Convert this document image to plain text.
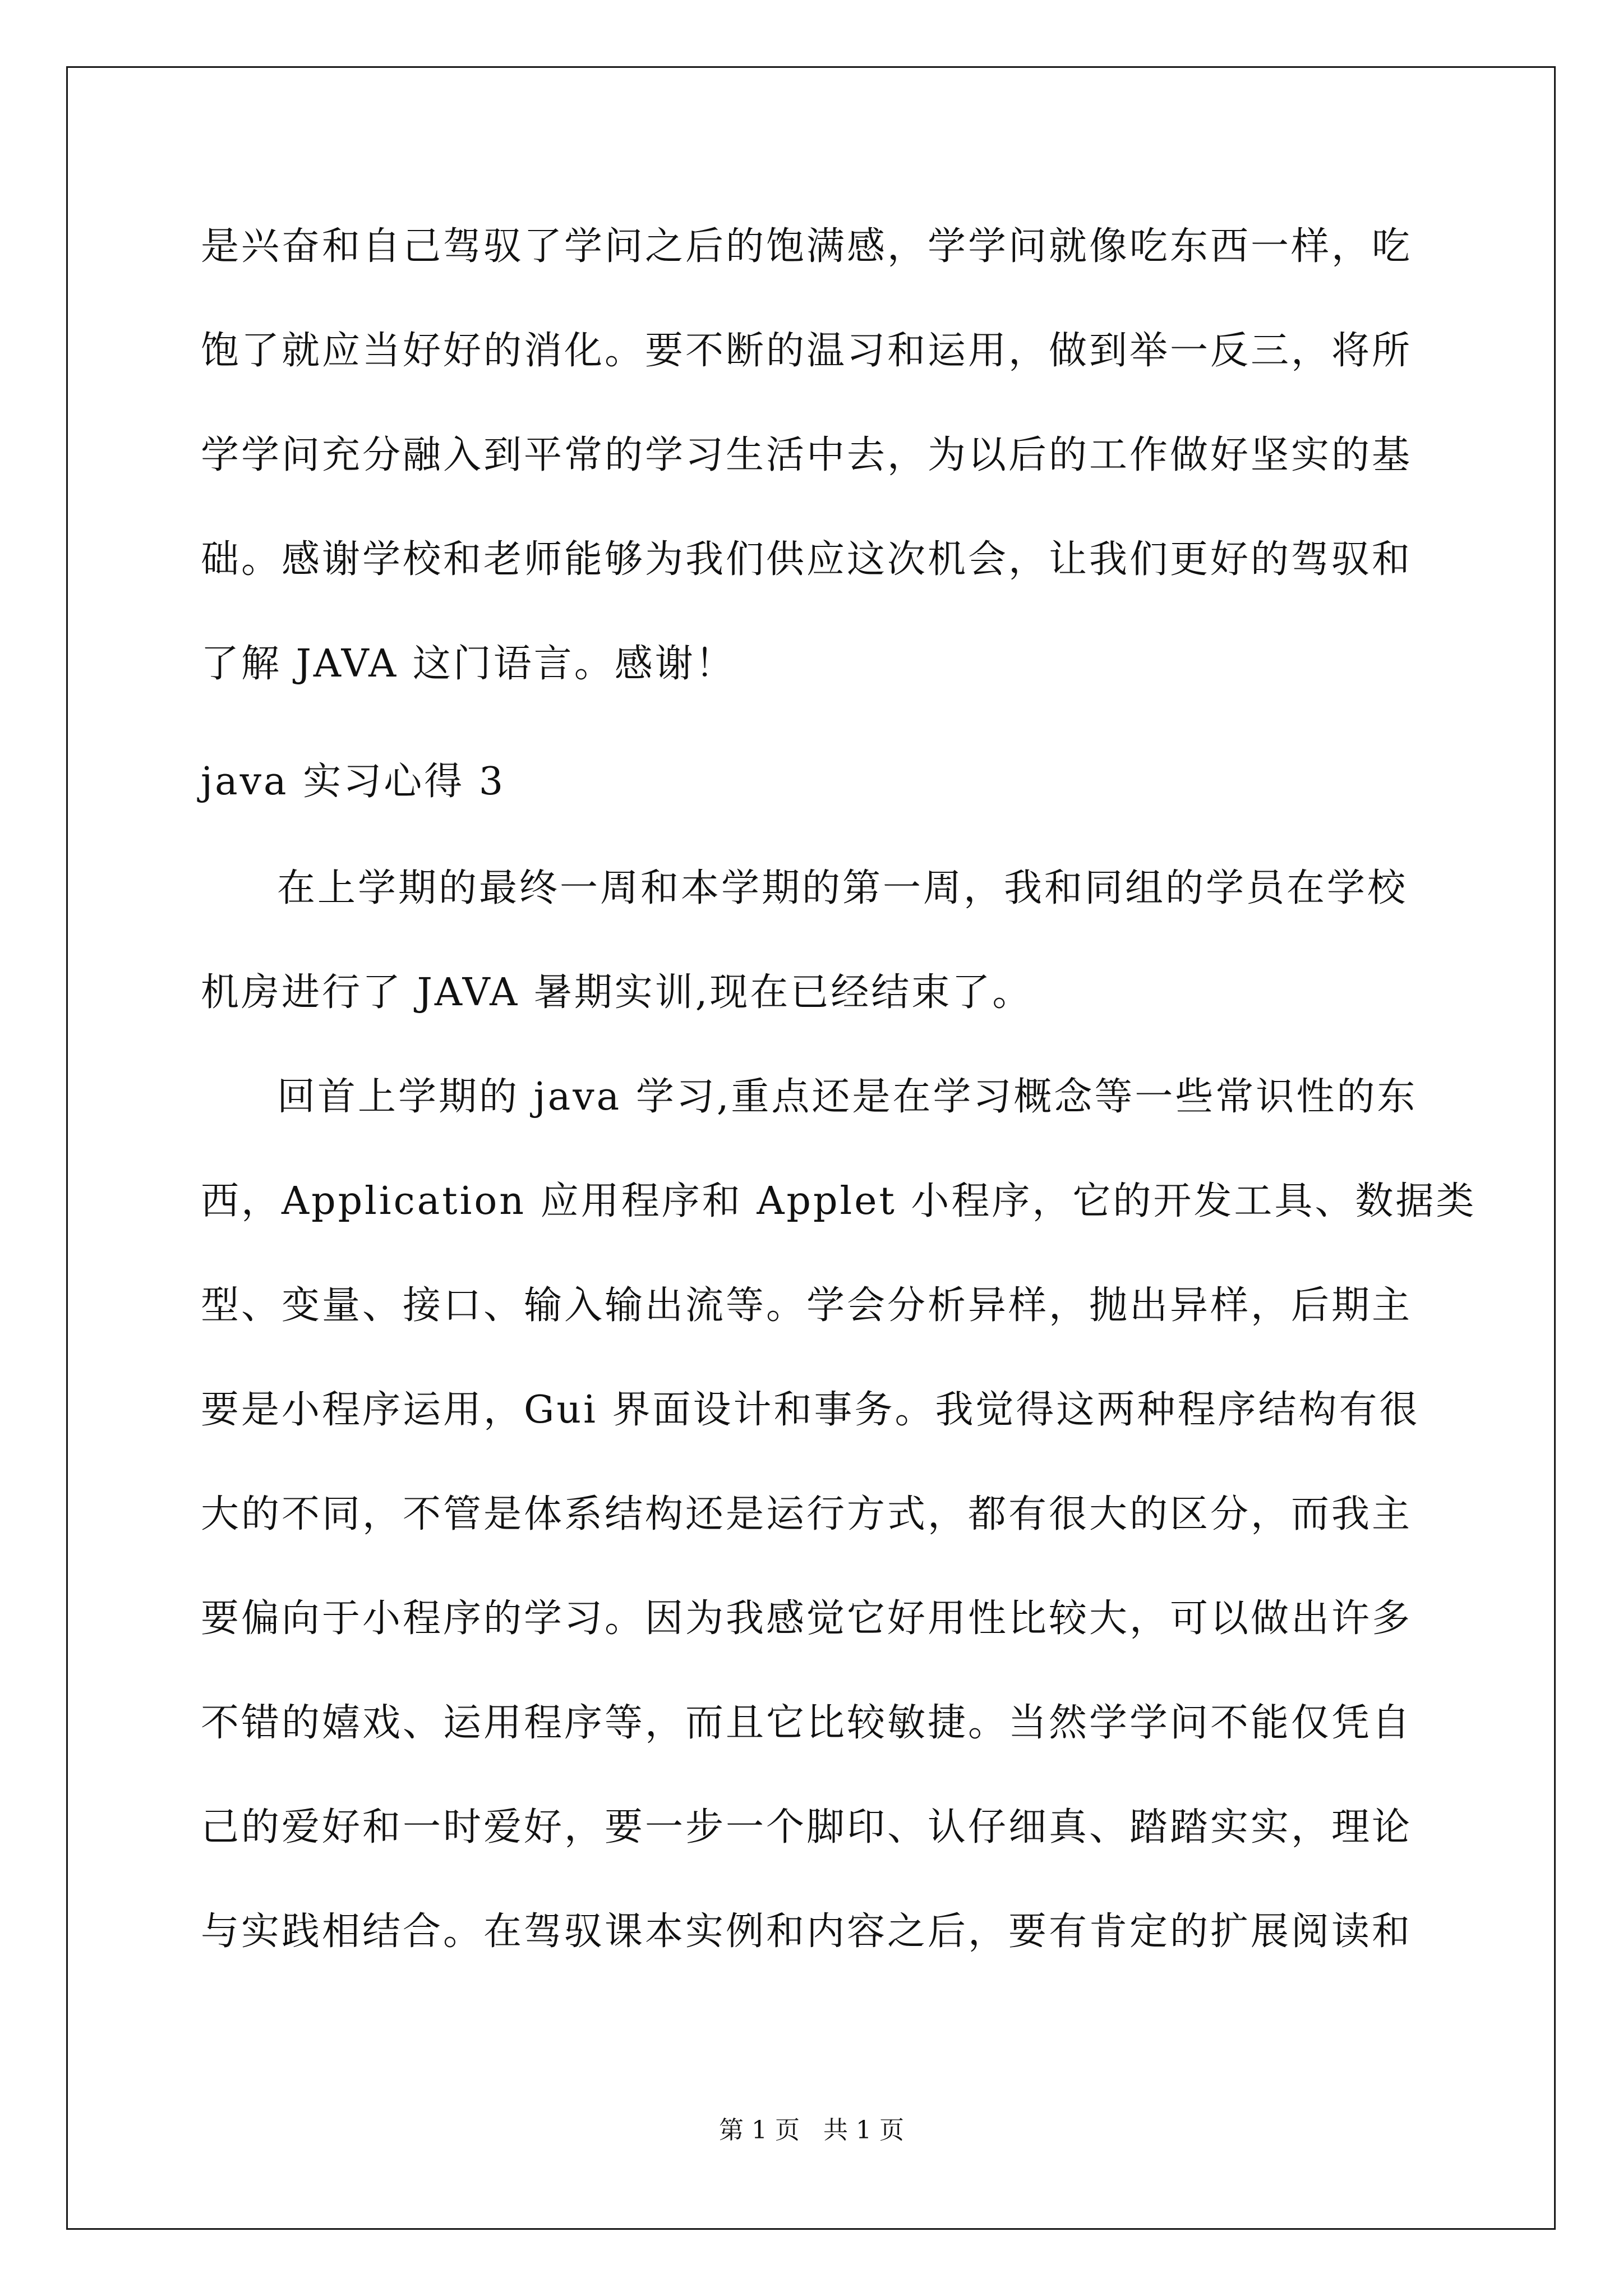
是兴奋和自己驾驭了学问之后的饱满感，学学问就像吃东西一样，吃

饱了就应当好好的消化。要不断的温习和运用，做到举一反三，将所

学学问充分融入到平常的学习生活中去，为以后的工作做好坚实的基

础。感谢学校和老师能够为我们供应这次机会，让我们更好的驾驭和

了解 JAVA 这门语言。感谢！

java 实习心得 3

在上学期的最终一周和本学期的第一周，我和同组的学员在学校

机房进行了 JAVA 暑期实训,现在已经结束了。

回首上学期的 java 学习,重点还是在学习概念等一些常识性的东

西，Application 应用程序和 Applet 小程序，它的开发工具、数据类

型、变量、接口、输入输出流等。学会分析异样，抛出异样，后期主

要是小程序运用，Gui 界面设计和事务。我觉得这两种程序结构有很

大的不同，不管是体系结构还是运行方式，都有很大的区分，而我主

要偏向于小程序的学习。因为我感觉它好用性比较大，可以做出许多

不错的嬉戏、运用程序等，而且它比较敏捷。当然学学问不能仅凭自

己的爱好和一时爱好，要一步一个脚印、认仔细真、踏踏实实，理论

与实践相结合。在驾驭课本实例和内容之后，要有肯定的扩展阅读和

第 1 页   共 1 页
